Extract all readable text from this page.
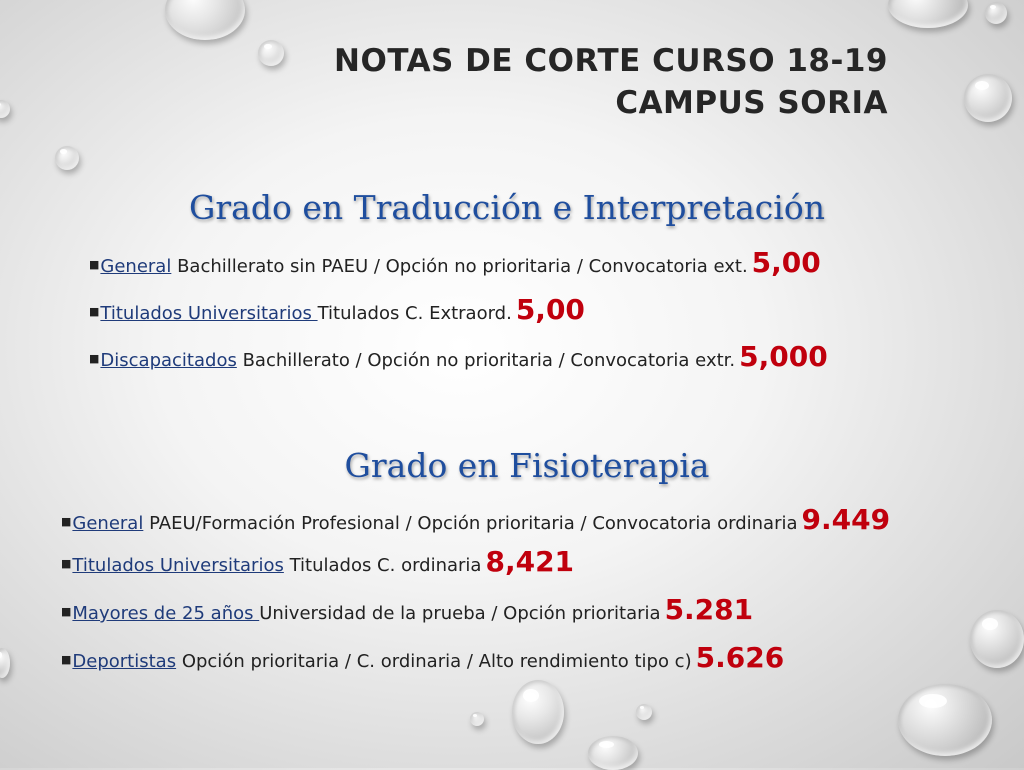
NOTAS DE CORTE CURSO 18-19
CAMPUS SORIA
Grado en Traducción e Interpretación
■General Bachillerato sin PAEU / Opción no prioritaria / Convocatoria ext. 5,00
■Titulados Universitarios Titulados C. Extraord. 5,00
■Discapacitados Bachillerato / Opción no prioritaria / Convocatoria extr. 5,000
Grado en Fisioterapia
■General PAEU/Formación Profesional / Opción prioritaria / Convocatoria ordinaria 9.449
■Titulados Universitarios Titulados C. ordinaria 8,421
■Mayores de 25 años Universidad de la prueba / Opción prioritaria 5.281
■Deportistas Opción prioritaria / C. ordinaria / Alto rendimiento tipo c) 5.626
